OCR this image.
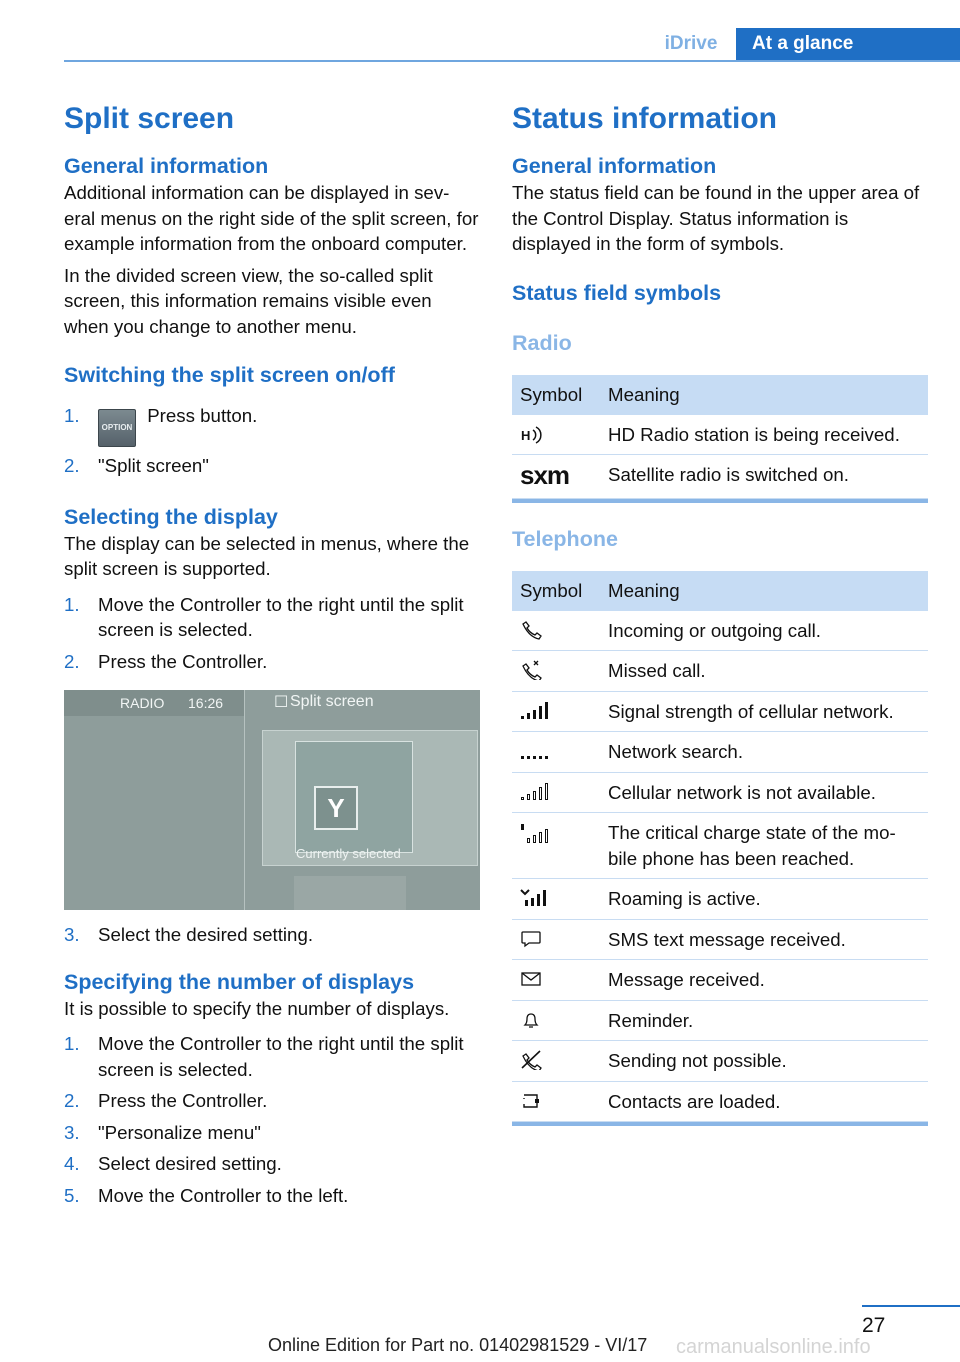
iDrive	At a glance
Split screen
General information

Additional information can be displayed in sev‐ eral menus on the right side of the split screen, for example information from the onboard computer.

In the divided screen view, the so-called split screen, this information remains visible even when you change to another menu.

Switching the split screen on/off
1.
OPTION Press button.
2. "Split screen"
Selecting the display

The display can be selected in menus, where the split screen is supported.

1. Move the Controller to the right until the split screen is selected.
2. Press the Controller.
RADIO 16:26	☐ Split screen
Y
Currently selected
3. Select the desired setting.
Specifying the number of displays

It is possible to specify the number of displays.

1. Move the Controller to the right until the split screen is selected.
2. Press the Controller.
3. "Personalize menu"
4. Select desired setting.
5. Move the Controller to the left.
Status information
General information

The status field can be found in the upper area of the Control Display. Status information is displayed in the form of symbols.

Status field symbols
Radio
Symbol	Meaning

H	HD Radio station is being received.
sxm	Satellite radio is switched on.
Telephone
Symbol	Meaning

	Incoming or outgoing call.

	Missed call.

	Signal strength of cellular network.

	Network search.

	Cellular network is not available.

	The critical charge state of the mo‐ bile phone has been reached.

	Roaming is active.

	SMS text message received.

	Message received.

	Reminder.

	Sending not possible.

	Contacts are loaded.
27
Online Edition for Part no. 01402981529 - VI/17 carmanualsonline.info
